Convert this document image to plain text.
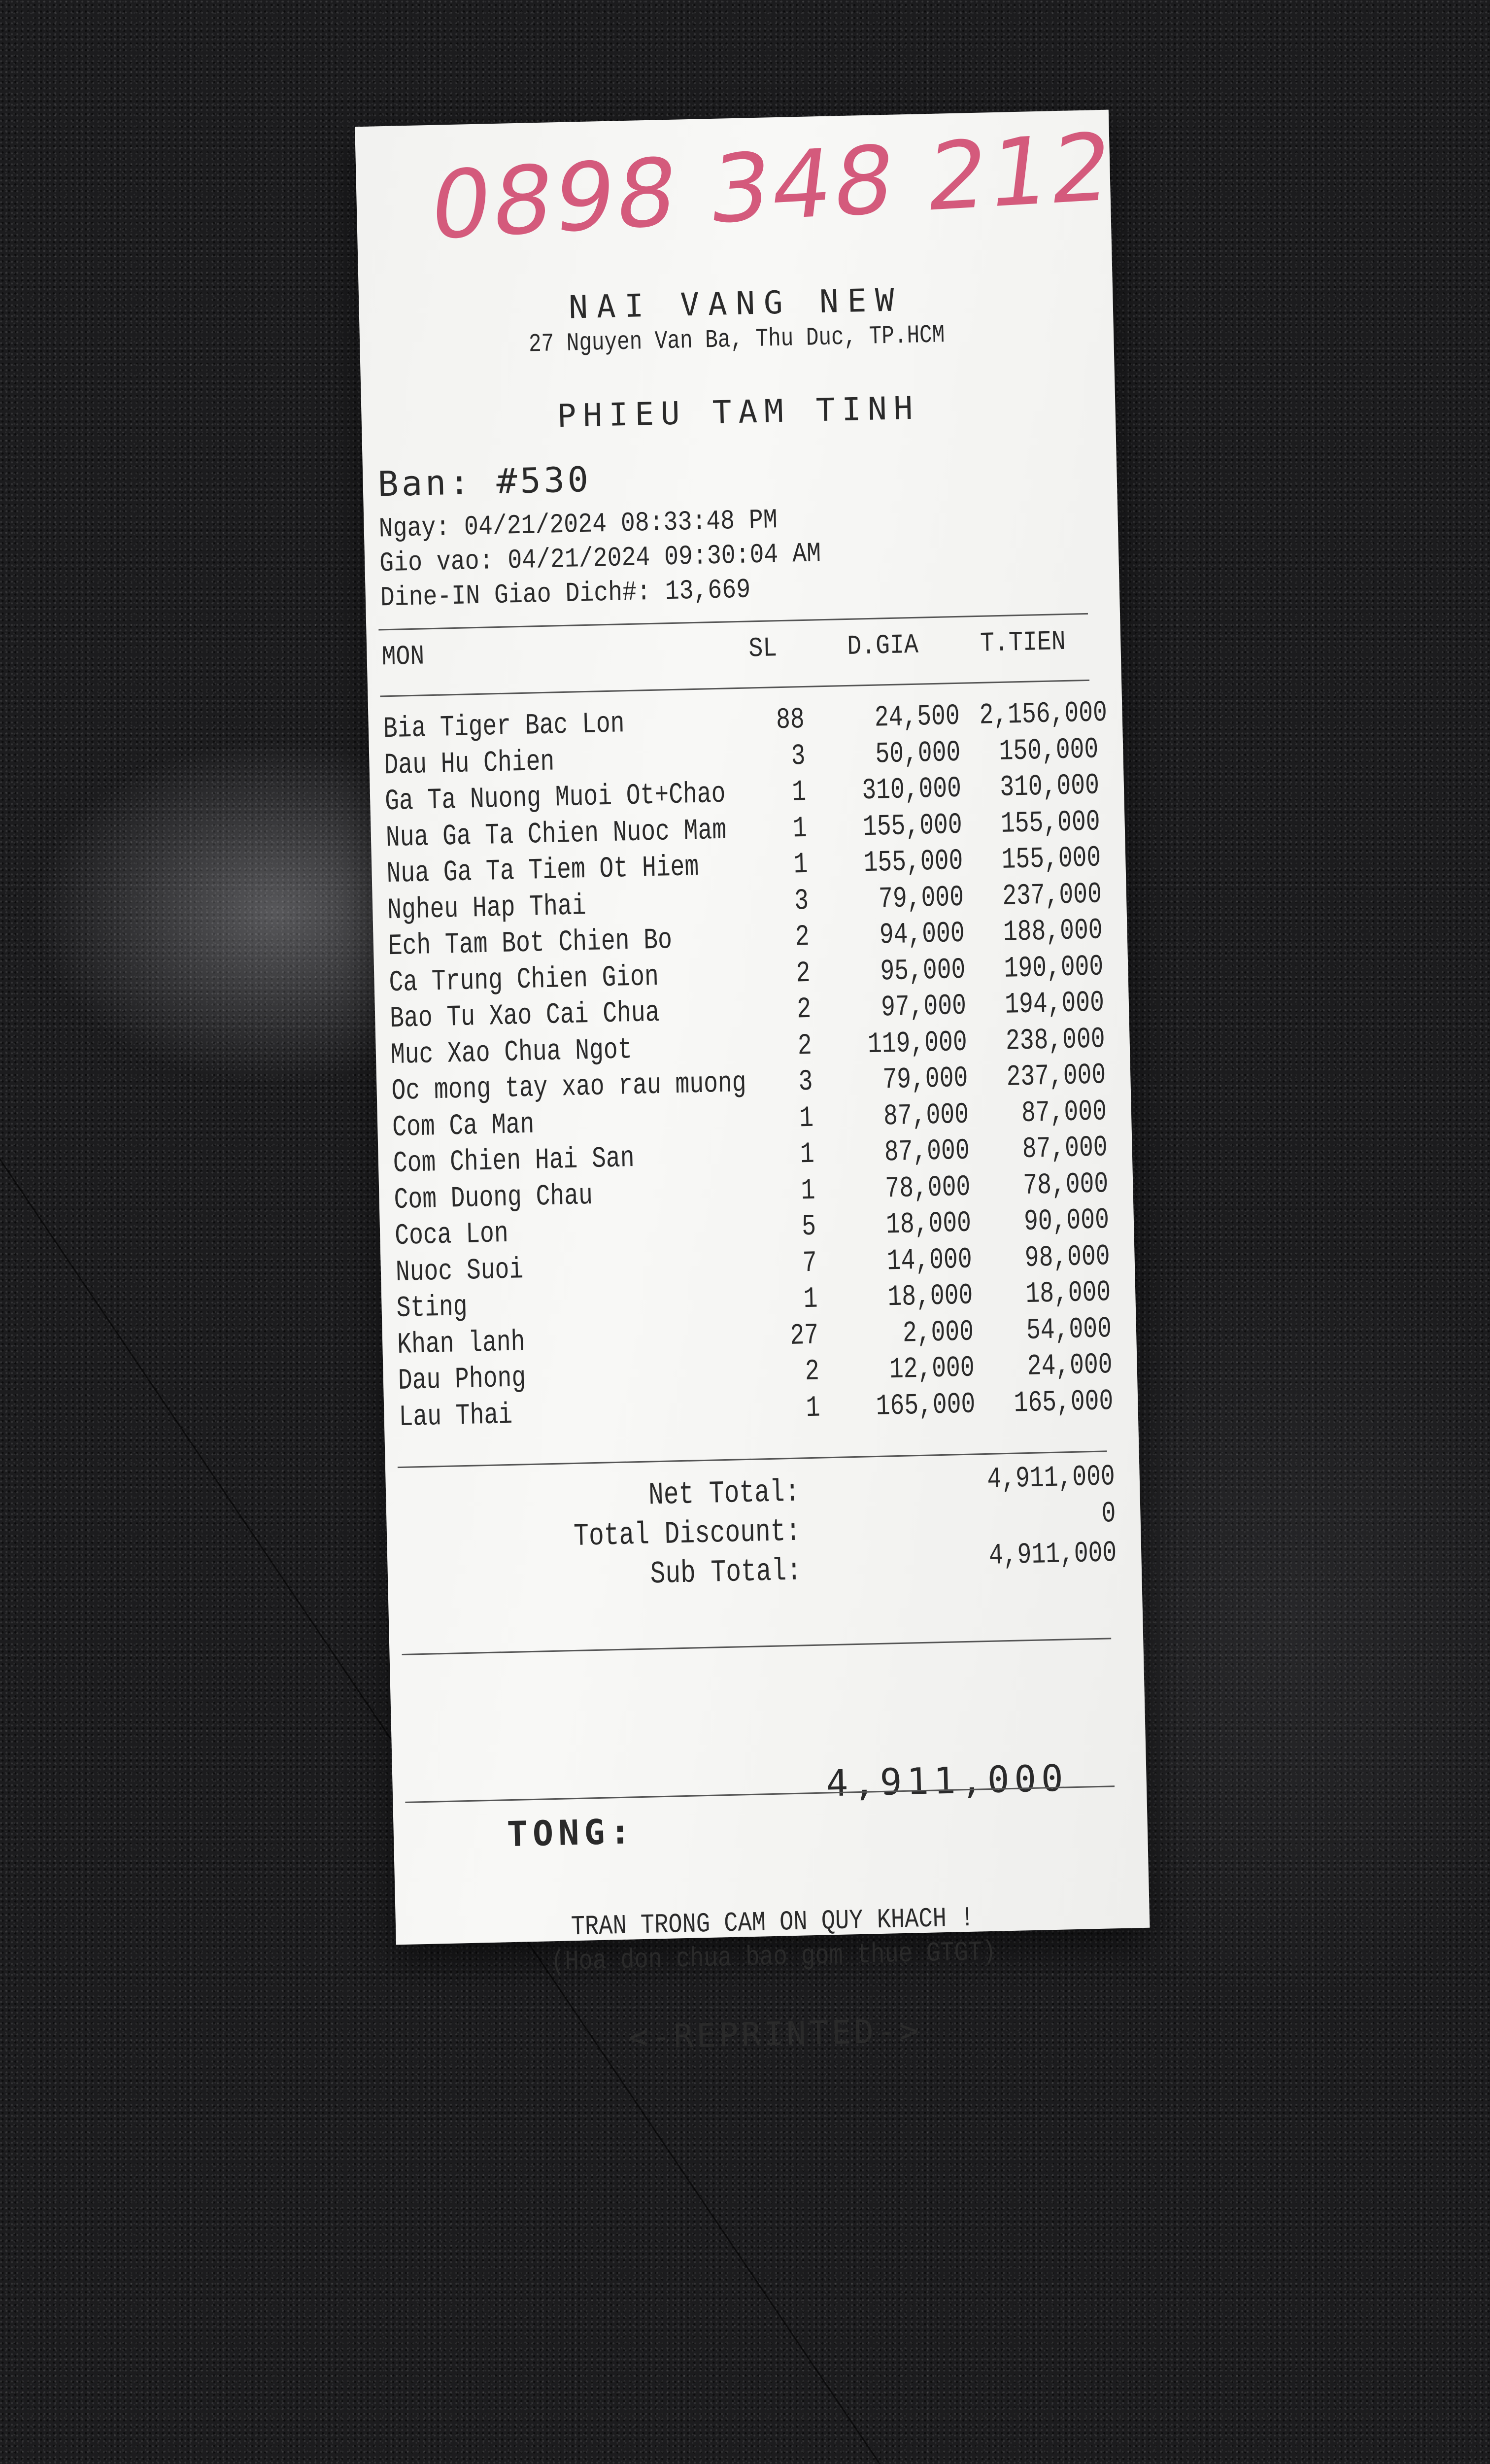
0898 348 212
NAI VANG NEW
27 Nguyen Van Ba, Thu Duc, TP.HCM
PHIEU TAM TINH
Ban: #530
Ngay: 04/21/2024 08:33:48 PM
Gio vao: 04/21/2024 09:30:04 AM
Dine-IN Giao Dich#: 13,669
MON	SL	D.GIA T.TIEN
Bia Tiger Bac Lon	88	24,500 2,156,000
Dau Hu Chien	3	50,000	150,000
Ga Ta Nuong Muoi Ot+Chao	1	310,000	310,000
Nua Ga Ta Chien Nuoc Mam	1	155,000	155,000
Nua Ga Ta Tiem Ot Hiem	1	155,000	155,000
Ngheu Hap Thai	3	79,000	237,000
Ech Tam Bot Chien Bo	2	94,000	188,000
Ca Trung Chien Gion	2	95,000	190,000
Bao Tu Xao Cai Chua	2	97,000	194,000
Muc Xao Chua Ngot	2	119,000	238,000
Oc mong tay xao rau muong	3	79,000	237,000
Com Ca Man	1	87,000	87,000
Com Chien Hai San	1	87,000	87,000
Com Duong Chau	1	78,000	78,000
Coca Lon	5	18,000	90,000
Nuoc Suoi	7	14,000	98,000
Sting	1	18,000	18,000
Khan lanh	27	2,000	54,000
Dau Phong	2	12,000	24,000
Lau Thai	1	165,000	165,000
Net Total:	4,911,000
Total Discount:
0
Sub Total:	4,911,000
4,911,000
TONG:
TRAN TRONG CAM ON QUY KHACH !
(Hoa don chua bao gom thue GTGT)
<-REPRINTED->
